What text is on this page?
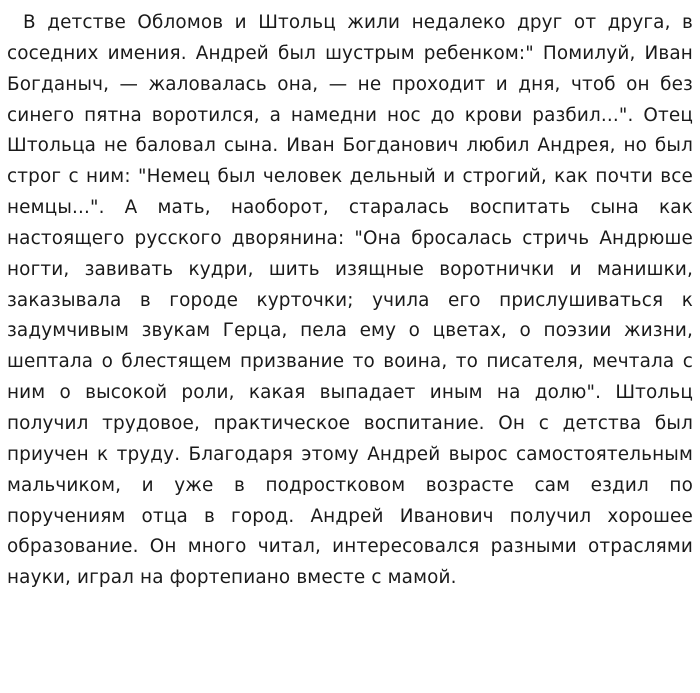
В детстве Обломов и Штольц жили недалеко друг от друга, в соседних имения. Андрей был шустрым ребенком:" Помилуй, Иван Богданыч, — жаловалась она, — не проходит и дня, чтоб он без синего пятна воротился, а намедни нос до крови разбил...". Отец Штольца не баловал сына. Иван Богданович любил Андрея, но был строг с ним: "Немец был человек дельный и строгий, как почти все немцы...". А мать, наоборот, старалась воспитать сына как настоящего русского дворянина: "Она бросалась стричь Андрюше ногти, завивать кудри, шить изящные воротнички и манишки, заказывала в городе курточки; учила его прислушиваться к задумчивым звукам Герца, пела ему о цветах, о поэзии жизни, шептала о блестящем призвание то воина, то писателя, мечтала с ним о высокой роли, какая выпадает иным на долю". Штольц получил трудовое, практическое воспитание. Он с детства был приучен к труду. Благодаря этому Андрей вырос самостоятельным мальчиком, и уже в подростковом возрасте сам ездил по поручениям отца в город. Андрей Иванович получил хорошее образование. Он много читал, интересовался разными отраслями науки, играл на фортепиано вместе с мамой.
